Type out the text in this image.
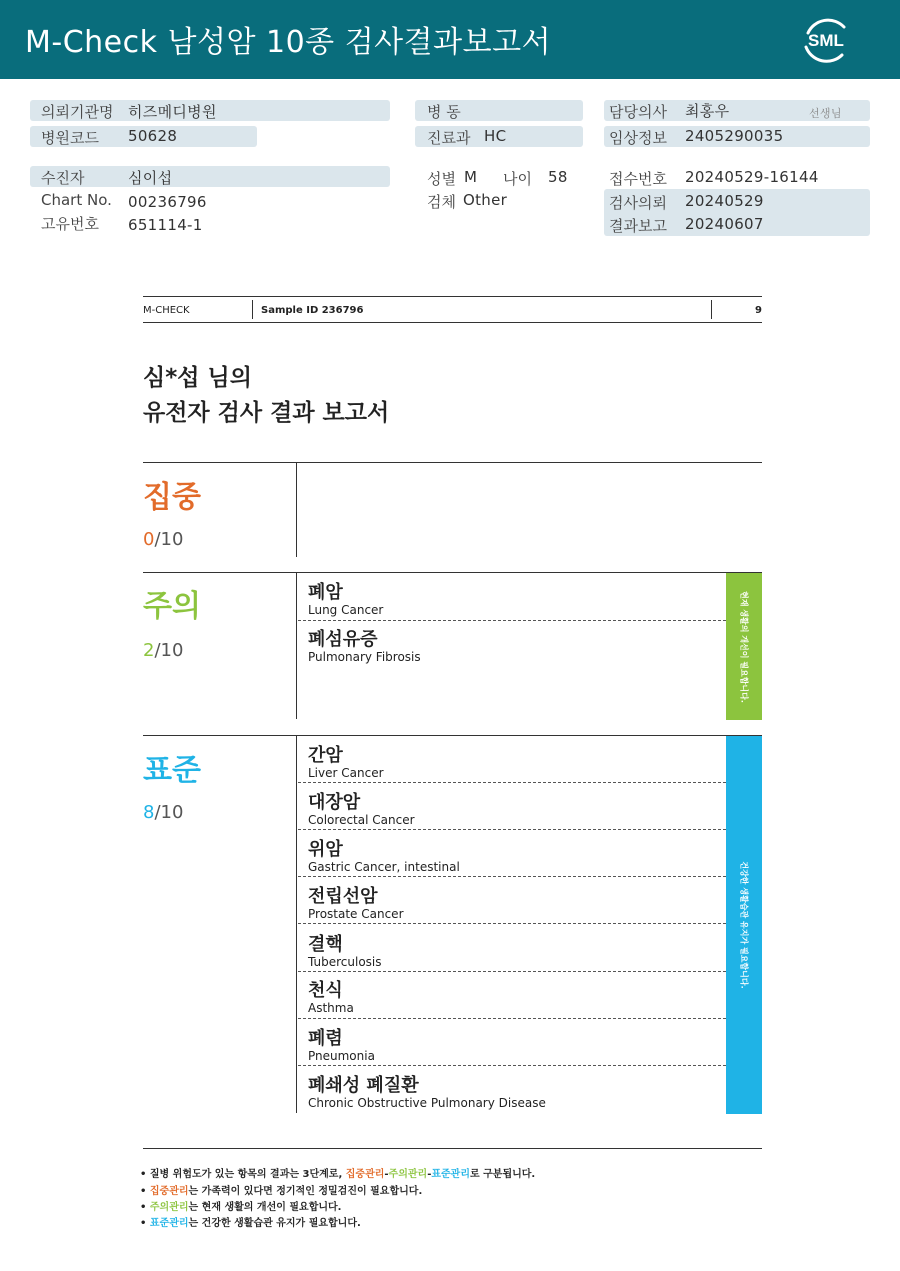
M-Check 남성암 10종 검사결과보고서	SML
의뢰기관명 히즈메디병원
병원코드 50628
병 동
진료과 HC
담당의사 최홍우	선생님
임상정보 2405290035
수진자	심이섭
Chart No. 00236796
고유번호 651114-1
성별 M 나이 58
검체 Other
접수번호 20240529-16144
검사의뢰 20240529
결과보고 20240607
M-CHECK	Sample ID 236796	9
심*섭 님의
유전자 검사 결과 보고서
집중
0/10
주의
2/10	현재 생활의 개선이 필요합니다.
폐암
Lung Cancer
폐섬유증
Pulmonary Fibrosis
표준
8/10
건강한 생활습관 유지가 필요합니다.
간암
Liver Cancer
대장암
Colorectal Cancer
위암
Gastric Cancer, intestinal
전립선암
Prostate Cancer
결핵
Tuberculosis
천식
Asthma
폐렴
Pneumonia
폐쇄성 폐질환
Chronic Obstructive Pulmonary Disease
• 질병 위험도가 있는 항목의 결과는 3단계로, 집중관리-주의관리-표준관리로 구분됩니다.
• 집중관리는 가족력이 있다면 정기적인 정밀검진이 필요합니다.
• 주의관리는 현재 생활의 개선이 필요합니다.
• 표준관리는 건강한 생활습관 유지가 필요합니다.
